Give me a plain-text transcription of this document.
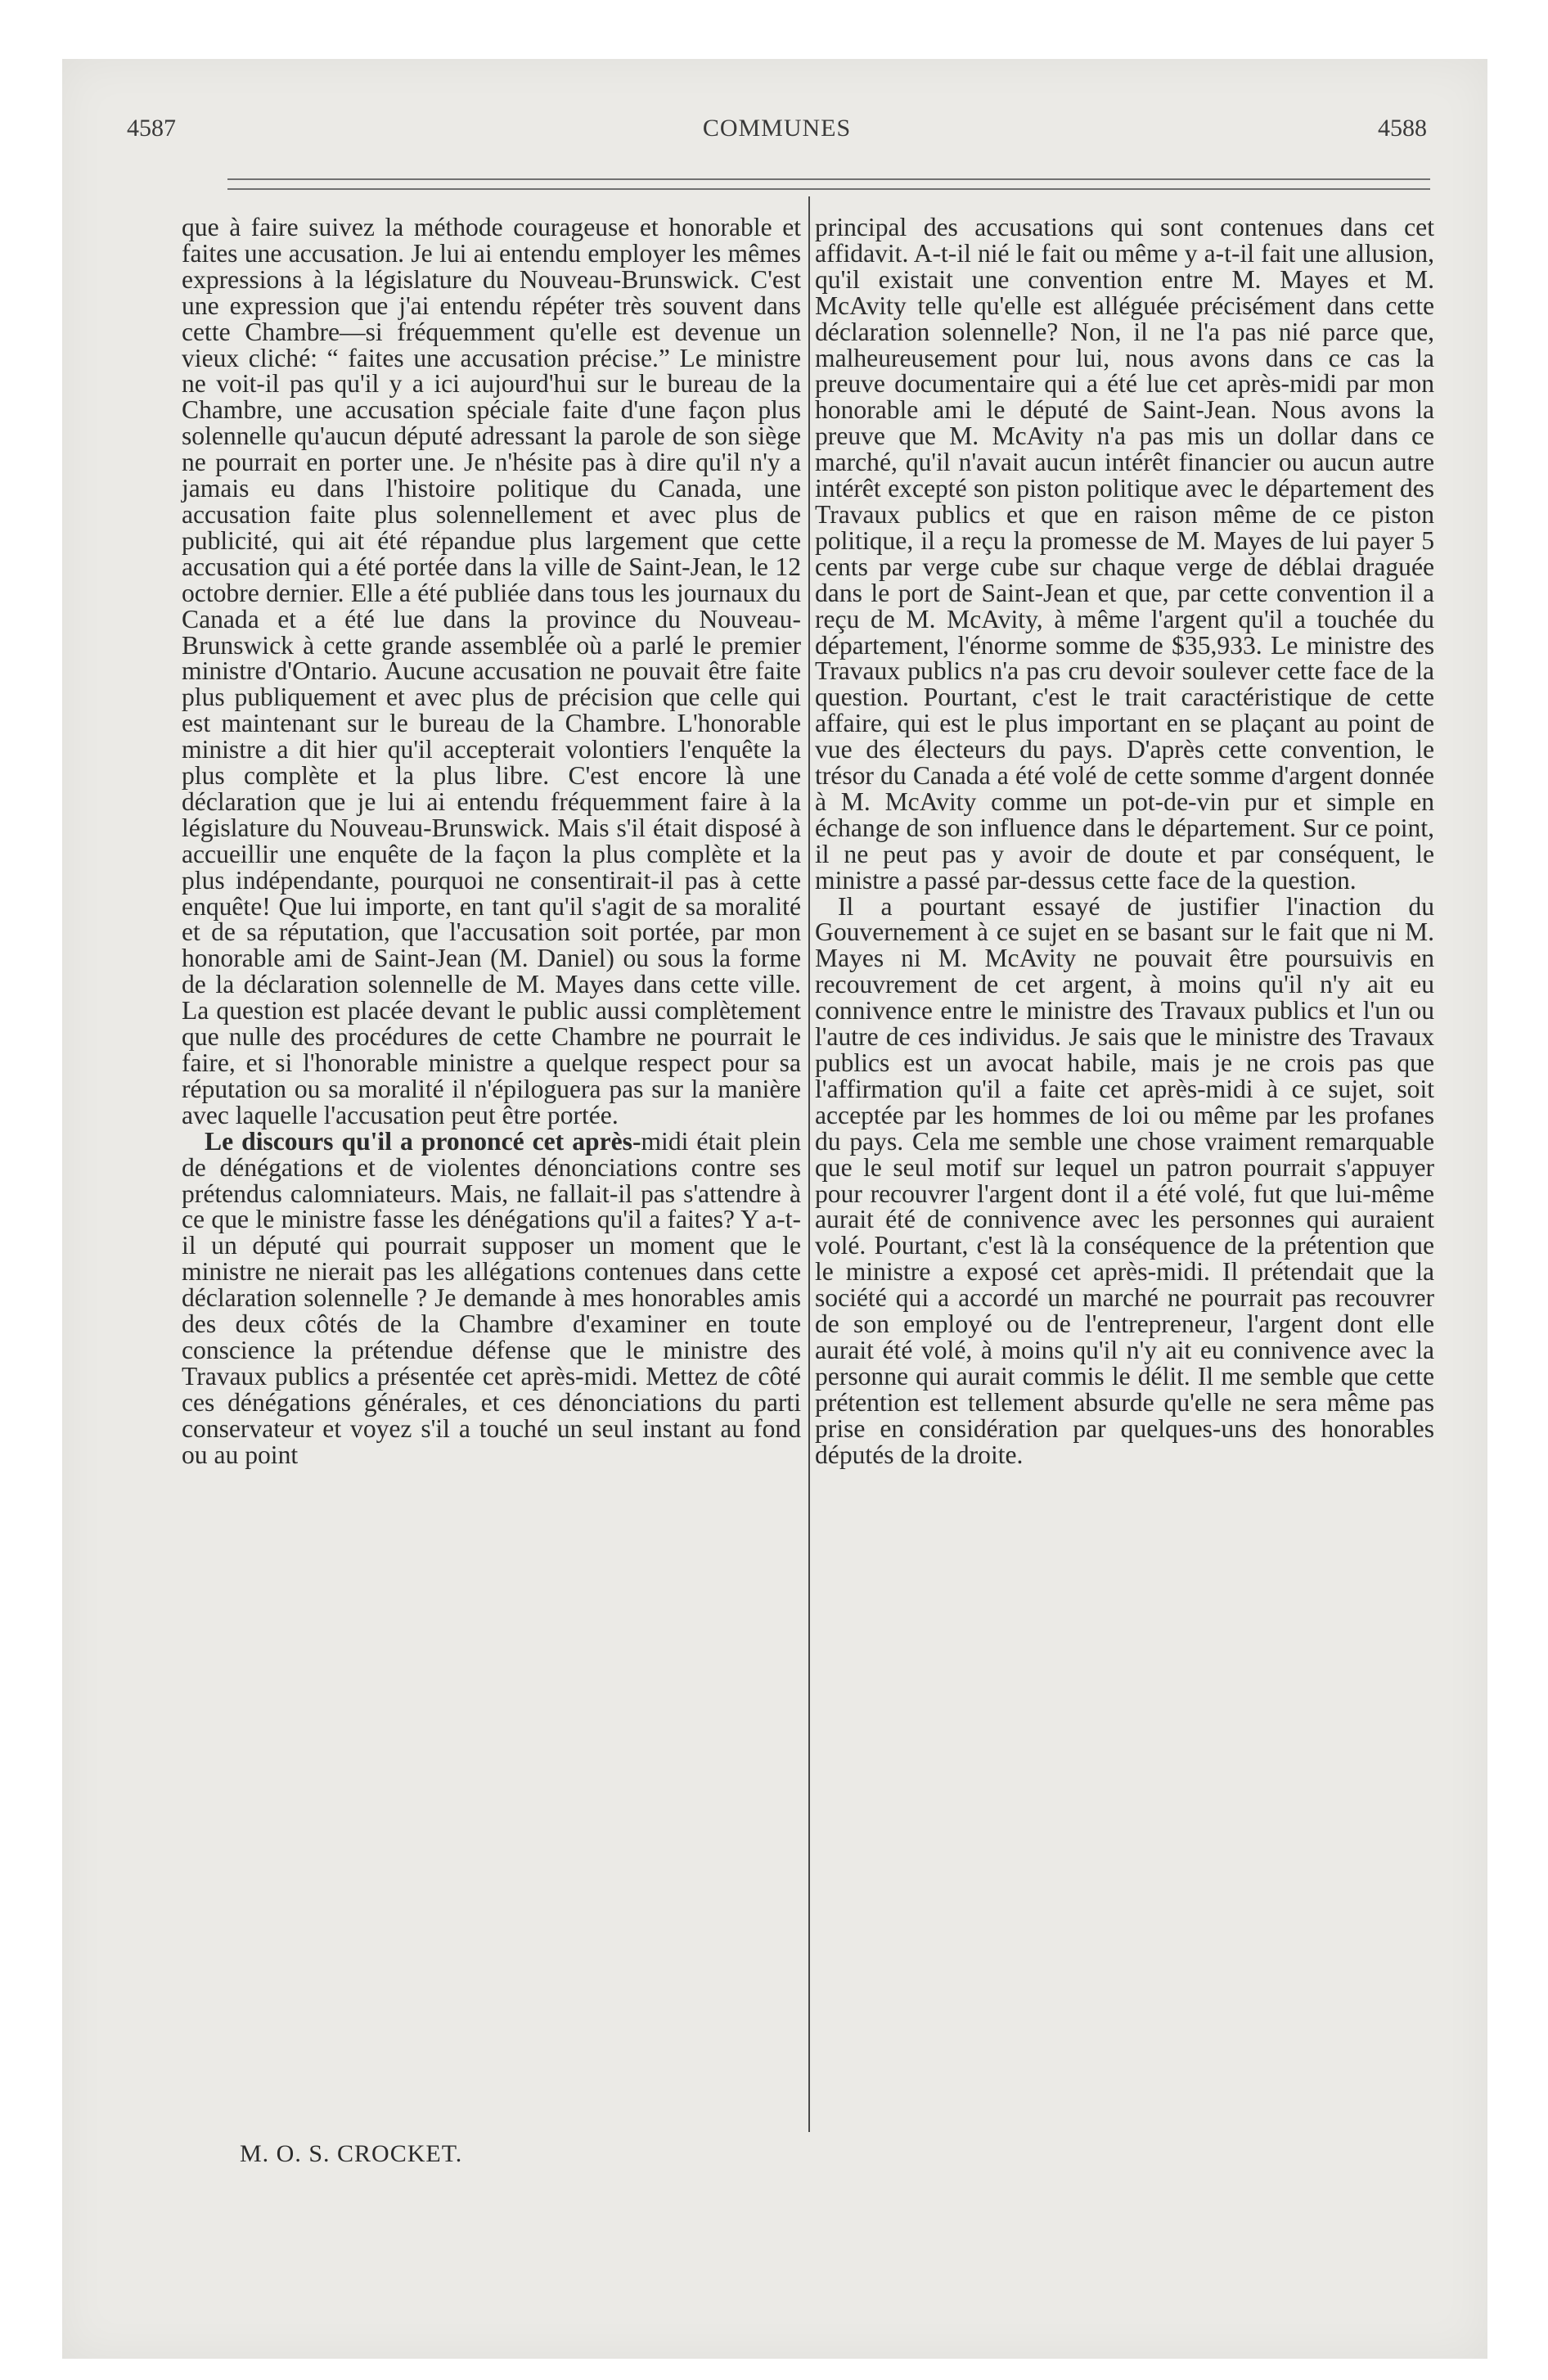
4587	COMMUNES	4588

que à faire suivez la méthode courageuse et honorable et faites une accusation. Je lui ai entendu employer les mêmes expressions à la législature du Nouveau-Brunswick. C'est une expression que j'ai entendu répéter très souvent dans cette Chambre—si fréquemment qu'elle est devenue un vieux cliché: “ faites une accusation précise.” Le ministre ne voit-il pas qu'il y a ici aujourd'hui sur le bureau de la Chambre, une accusation spéciale faite d'une façon plus solennelle qu'aucun député adressant la parole de son siège ne pourrait en porter une. Je n'hésite pas à dire qu'il n'y a jamais eu dans l'histoire politique du Canada, une accusation faite plus solennellement et avec plus de publicité, qui ait été répandue plus largement que cette accusation qui a été portée dans la ville de Saint-Jean, le 12 octobre dernier. Elle a été publiée dans tous les journaux du Canada et a été lue dans la province du Nouveau-Brunswick à cette grande assemblée où a parlé le premier ministre d'Ontario. Aucune accusation ne pouvait être faite plus publiquement et avec plus de précision que celle qui est maintenant sur le bureau de la Chambre. L'honorable ministre a dit hier qu'il accepterait volontiers l'enquête la plus complète et la plus libre. C'est encore là une déclaration que je lui ai entendu fréquemment faire à la législature du Nouveau-Brunswick. Mais s'il était disposé à accueillir une enquête de la façon la plus complète et la plus indépendante, pourquoi ne consentirait-il pas à cette enquête! Que lui importe, en tant qu'il s'agit de sa moralité et de sa réputation, que l'accusation soit portée, par mon honorable ami de Saint-Jean (M. Daniel) ou sous la forme de la déclaration solennelle de M. Mayes dans cette ville. La question est placée devant le public aussi complètement que nulle des procédures de cette Chambre ne pourrait le faire, et si l'honorable ministre a quelque respect pour sa réputation ou sa moralité il n'épiloguera pas sur la manière avec laquelle l'accusation peut être portée.

Le discours qu'il a prononcé cet après-midi était plein de dénégations et de violentes dénonciations contre ses prétendus calomniateurs. Mais, ne fallait-il pas s'attendre à ce que le ministre fasse les dénégations qu'il a faites? Y a-t-il un député qui pourrait supposer un moment que le ministre ne nierait pas les allégations contenues dans cette déclaration solennelle ? Je demande à mes honorables amis des deux côtés de la Chambre d'examiner en toute conscience la prétendue défense que le ministre des Travaux publics a présentée cet après-midi. Mettez de côté ces dénégations générales, et ces dénonciations du parti conservateur et voyez s'il a touché un seul instant au fond ou au point

principal des accusations qui sont contenues dans cet affidavit. A-t-il nié le fait ou même y a-t-il fait une allusion, qu'il existait une convention entre M. Mayes et M. McAvity telle qu'elle est alléguée précisément dans cette déclaration solennelle? Non, il ne l'a pas nié parce que, malheureusement pour lui, nous avons dans ce cas la preuve documentaire qui a été lue cet après-midi par mon honorable ami le député de Saint-Jean. Nous avons la preuve que M. McAvity n'a pas mis un dollar dans ce marché, qu'il n'avait aucun intérêt financier ou aucun autre intérêt excepté son piston politique avec le département des Travaux publics et que en raison même de ce piston politique, il a reçu la promesse de M. Mayes de lui payer 5 cents par verge cube sur chaque verge de déblai draguée dans le port de Saint-Jean et que, par cette convention il a reçu de M. McAvity, à même l'argent qu'il a touchée du département, l'énorme somme de $35,933. Le ministre des Travaux publics n'a pas cru devoir soulever cette face de la question. Pourtant, c'est le trait caractéristique de cette affaire, qui est le plus important en se plaçant au point de vue des électeurs du pays. D'après cette convention, le trésor du Canada a été volé de cette somme d'argent donnée à M. McAvity comme un pot-de-vin pur et simple en échange de son influence dans le département. Sur ce point, il ne peut pas y avoir de doute et par conséquent, le ministre a passé par-dessus cette face de la question.

Il a pourtant essayé de justifier l'inaction du Gouvernement à ce sujet en se basant sur le fait que ni M. Mayes ni M. McAvity ne pouvait être poursuivis en recouvrement de cet argent, à moins qu'il n'y ait eu connivence entre le ministre des Travaux publics et l'un ou l'autre de ces individus. Je sais que le ministre des Travaux publics est un avocat habile, mais je ne crois pas que l'affirmation qu'il a faite cet après-midi à ce sujet, soit acceptée par les hommes de loi ou même par les profanes du pays. Cela me semble une chose vraiment remarquable que le seul motif sur lequel un patron pourrait s'appuyer pour recouvrer l'argent dont il a été volé, fut que lui-même aurait été de connivence avec les personnes qui auraient volé. Pourtant, c'est là la conséquence de la prétention que le ministre a exposé cet après-midi. Il prétendait que la société qui a accordé un marché ne pourrait pas recouvrer de son employé ou de l'entrepreneur, l'argent dont elle aurait été volé, à moins qu'il n'y ait eu connivence avec la personne qui aurait commis le délit. Il me semble que cette prétention est tellement absurde qu'elle ne sera même pas prise en considération par quelques-uns des honorables députés de la droite.

M. O. S. CROCKET.
